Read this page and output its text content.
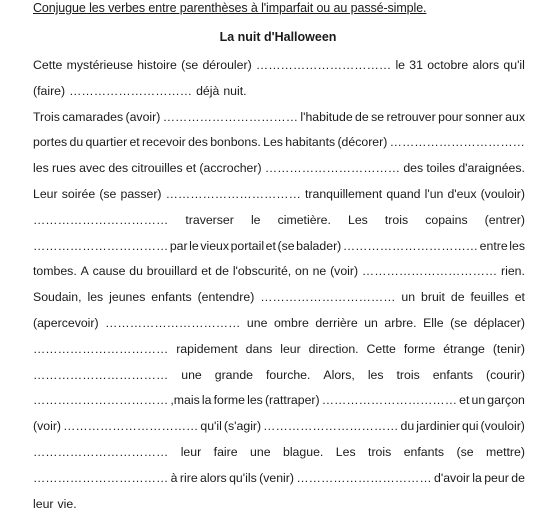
Conjugue les verbes entre parenthèses à l'imparfait ou au passé-simple.
La nuit d'Halloween
Cette mystérieuse histoire (se dérouler) …………………………… le 31 octobre alors qu'il
(faire) ………………………… déjà nuit.
Trois camarades (avoir) …………………………… l'habitude de se retrouver pour sonner aux
portes du quartier et recevoir des bonbons. Les habitants (décorer) ……………………………
les rues avec des citrouilles et (accrocher) …………………………… des toiles d'araignées.
Leur soirée (se passer) …………………………… tranquillement quand l'un d'eux (vouloir)
…………………………… traverser le cimetière. Les trois copains (entrer)
…………………………… par le vieux portail et (se balader) …………………………… entre les
tombes. A cause du brouillard et de l'obscurité, on ne (voir) …………………………… rien.
Soudain, les jeunes enfants (entendre) …………………………… un bruit de feuilles et
(apercevoir) …………………………… une ombre derrière un arbre. Elle (se déplacer)
…………………………… rapidement dans leur direction. Cette forme étrange (tenir)
…………………………… une grande fourche. Alors, les trois enfants (courir)
…………………………… ,mais la forme les (rattraper) …………………………… et un garçon
(voir) …………………………… qu'il (s'agir) …………………………… du jardinier qui (vouloir)
…………………………… leur faire une blague. Les trois enfants (se mettre)
…………………………… à rire alors qu'ils (venir) …………………………… d'avoir la peur de
leur vie.
